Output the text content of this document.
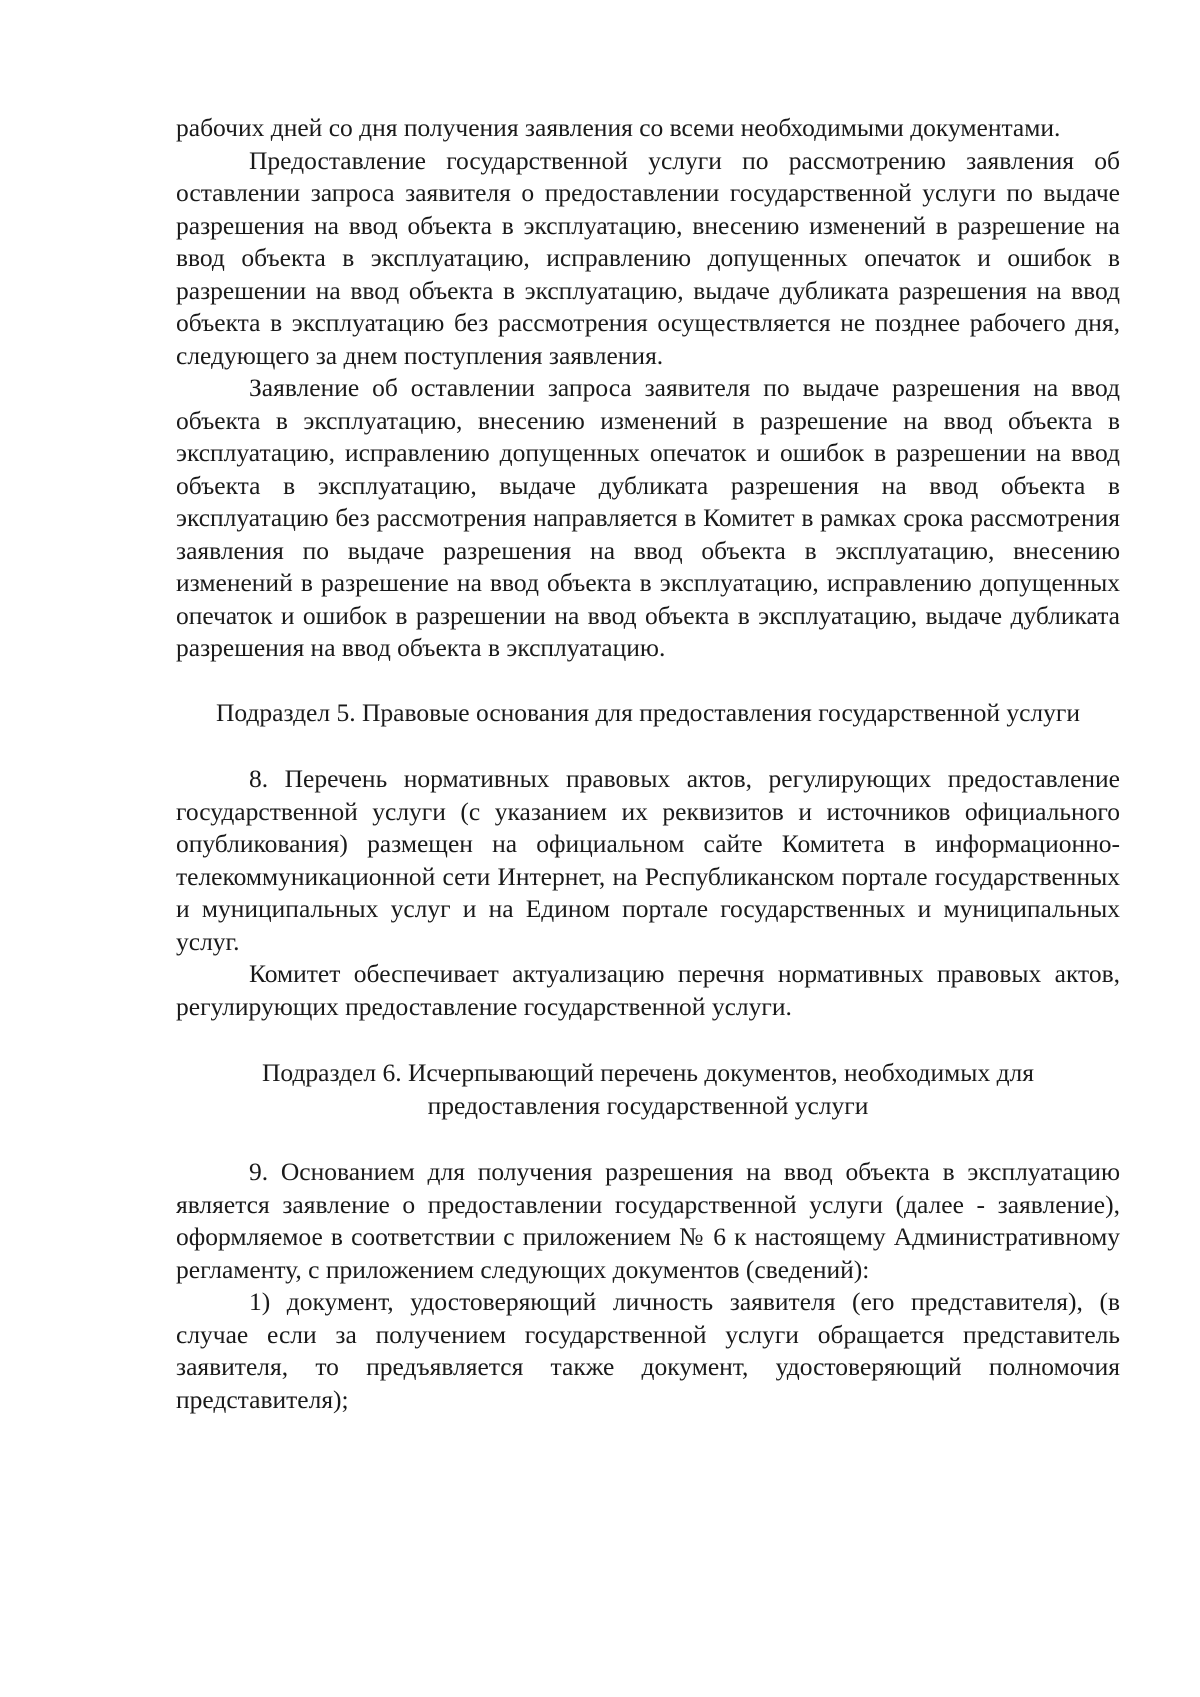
рабочих дней со дня получения заявления со всеми необходимыми документами.

Предоставление государственной услуги по рассмотрению заявления об оставлении запроса заявителя о предоставлении государственной услуги по выдаче разрешения на ввод объекта в эксплуатацию, внесению изменений в разрешение на ввод объекта в эксплуатацию, исправлению допущенных опечаток и ошибок в разрешении на ввод объекта в эксплуатацию, выдаче дубликата разрешения на ввод объекта в эксплуатацию без рассмотрения осуществляется не позднее рабочего дня, следующего за днем поступления заявления.

Заявление об оставлении запроса заявителя по выдаче разрешения на ввод объекта в эксплуатацию, внесению изменений в разрешение на ввод объекта в эксплуатацию, исправлению допущенных опечаток и ошибок в разрешении на ввод объекта в эксплуатацию, выдаче дубликата разрешения на ввод объекта в эксплуатацию без рассмотрения направляется в Комитет в рамках срока рассмотрения заявления по выдаче разрешения на ввод объекта в эксплуатацию, внесению изменений в разрешение на ввод объекта в эксплуатацию, исправлению допущенных опечаток и ошибок в разрешении на ввод объекта в эксплуатацию, выдаче дубликата разрешения на ввод объекта в эксплуатацию.

Подраздел 5. Правовые основания для предоставления государственной услуги

8. Перечень нормативных правовых актов, регулирующих предоставление государственной услуги (с указанием их реквизитов и источников официального опубликования) размещен на официальном сайте Комитета в информационно-телекоммуникационной сети Интернет, на Республиканском портале государственных и муниципальных услуг и на Едином портале государственных и муниципальных услуг.

Комитет обеспечивает актуализацию перечня нормативных правовых актов, регулирующих предоставление государственной услуги.

Подраздел 6. Исчерпывающий перечень документов, необходимых для предоставления государственной услуги

9. Основанием для получения разрешения на ввод объекта в эксплуатацию является заявление о предоставлении государственной услуги (далее - заявление), оформляемое в соответствии с приложением № 6 к настоящему Административному регламенту, с приложением следующих документов (сведений):

1) документ, удостоверяющий личность заявителя (его представителя), (в случае если за получением государственной услуги обращается представитель заявителя, то предъявляется также документ, удостоверяющий полномочия представителя);
